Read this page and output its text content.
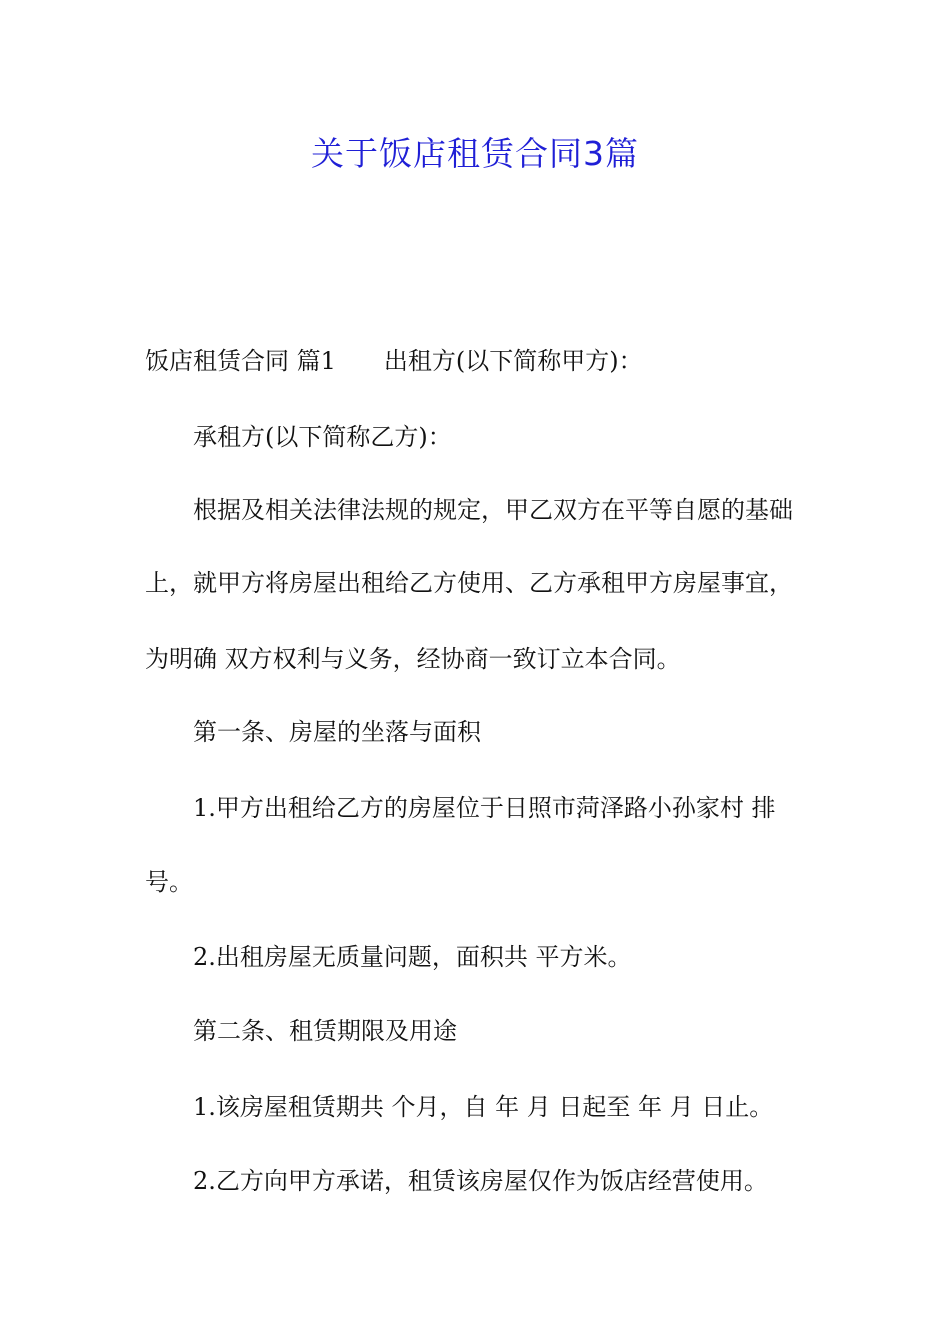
关于饭店租赁合同3篇
饭店租赁合同 篇1 出租方(以下简称甲方)：
承租方(以下简称乙方)：
根据及相关法律法规的规定，甲乙双方在平等自愿的基础
上，就甲方将房屋出租给乙方使用、乙方承租甲方房屋事宜，
为明确 双方权利与义务，经协商一致订立本合同。
第一条、房屋的坐落与面积
1.甲方出租给乙方的房屋位于日照市菏泽路小孙家村 排
号。
2.出租房屋无质量问题，面积共 平方米。
第二条、租赁期限及用途
1.该房屋租赁期共 个月，自 年 月 日起至 年 月 日止。
2.乙方向甲方承诺，租赁该房屋仅作为饭店经营使用。
